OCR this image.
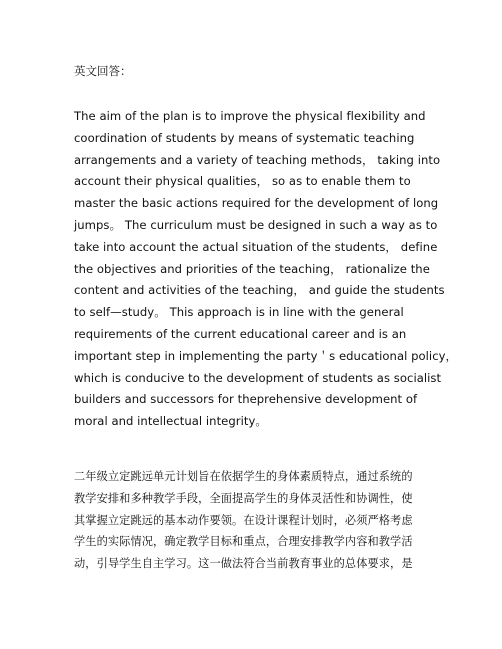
英文回答：
The aim of the plan is to improve the physical flexibility and
coordination of students by means of systematic teaching
arrangements and a variety of teaching methods， taking into
account their physical qualities， so as to enable them to
master the basic actions required for the development of long
jumps。 The curriculum must be designed in such a way as to
take into account the actual situation of the students， define
the objectives and priorities of the teaching， rationalize the
content and activities of the teaching， and guide the students
to self—study。 This approach is in line with the general
requirements of the current educational career and is an
important step in implementing the party＇s educational policy，
which is conducive to the development of students as socialist
builders and successors for theprehensive development of
moral and intellectual integrity。
二年级立定跳远单元计划旨在依据学生的身体素质特点，通过系统的
教学安排和多种教学手段，全面提高学生的身体灵活性和协调性，使
其掌握立定跳远的基本动作要领。在设计课程计划时，必须严格考虑
学生的实际情况，确定教学目标和重点，合理安排教学内容和教学活
动，引导学生自主学习。这一做法符合当前教育事业的总体要求，是
